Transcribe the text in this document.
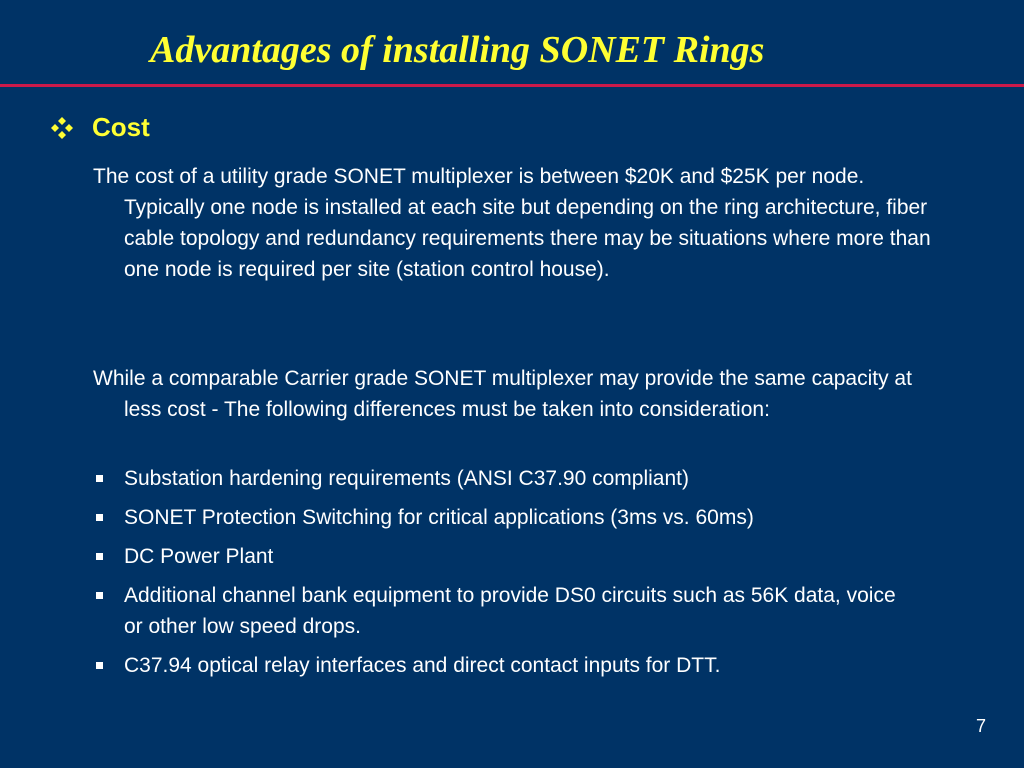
Advantages of installing SONET Rings
Cost
The cost of a utility grade SONET multiplexer is between $20K and $25K per node.   Typically one node is installed at each site but depending on the ring architecture, fiber cable topology and redundancy requirements there may be situations where more than one node is required per site (station control house).
While a comparable Carrier grade SONET multiplexer may provide the same capacity at less cost - The following differences must be taken into consideration:
Substation hardening requirements (ANSI C37.90 compliant)
SONET Protection Switching for critical applications (3ms vs. 60ms)
DC Power Plant
Additional channel bank equipment to provide DS0 circuits such as 56K data, voice or other low speed drops.
C37.94 optical relay interfaces and direct contact inputs for DTT.
7
